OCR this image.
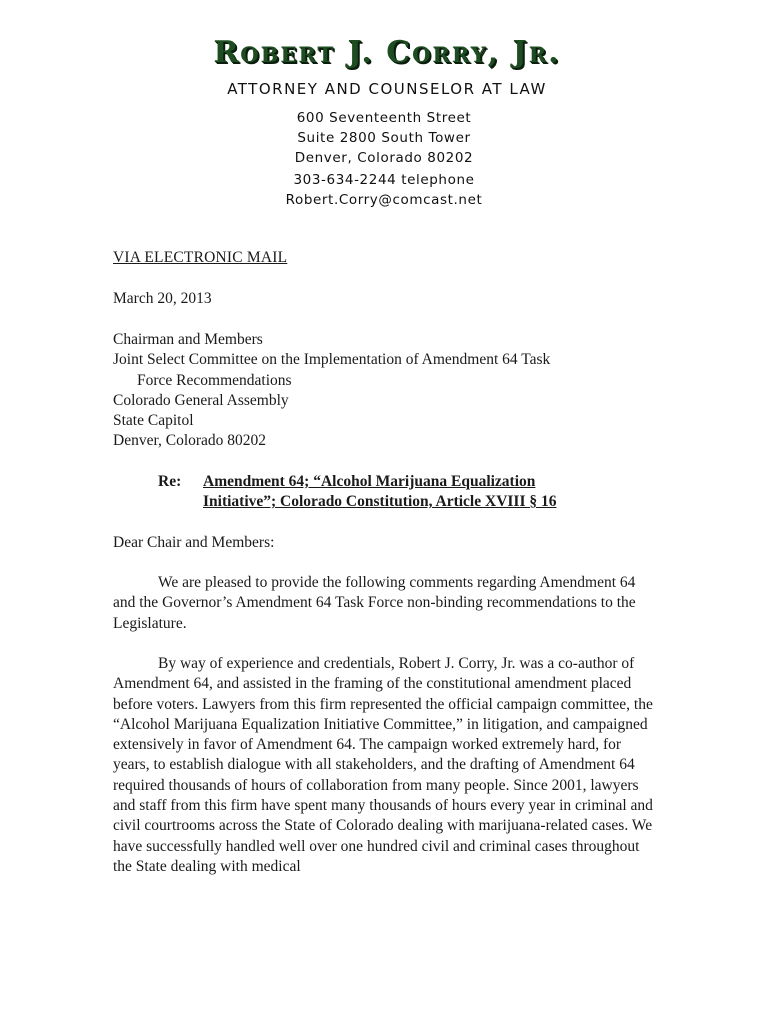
Robert J. Corry, Jr.
ATTORNEY AND COUNSELOR AT LAW
600 Seventeenth Street
Suite 2800 South Tower
Denver, Colorado 80202
303-634-2244 telephone
Robert.Corry@comcast.net
VIA ELECTRONIC MAIL
March 20, 2013
Chairman and Members
Joint Select Committee on the Implementation of Amendment 64 Task
Force Recommendations
Colorado General Assembly
State Capitol
Denver, Colorado 80202
Re: Amendment 64; “Alcohol Marijuana Equalization
Initiative”; Colorado Constitution, Article XVIII § 16
Dear Chair and Members:

We are pleased to provide the following comments regarding Amendment 64 and the Governor’s Amendment 64 Task Force non-binding recommendations to the Legislature.

By way of experience and credentials, Robert J. Corry, Jr. was a co-author of Amendment 64, and assisted in the framing of the constitutional amendment placed before voters. Lawyers from this firm represented the official campaign committee, the “Alcohol Marijuana Equalization Initiative Committee,” in litigation, and campaigned extensively in favor of Amendment 64. The campaign worked extremely hard, for years, to establish dialogue with all stakeholders, and the drafting of Amendment 64 required thousands of hours of collaboration from many people. Since 2001, lawyers and staff from this firm have spent many thousands of hours every year in criminal and civil courtrooms across the State of Colorado dealing with marijuana-related cases. We have successfully handled well over one hundred civil and criminal cases throughout the State dealing with medical
